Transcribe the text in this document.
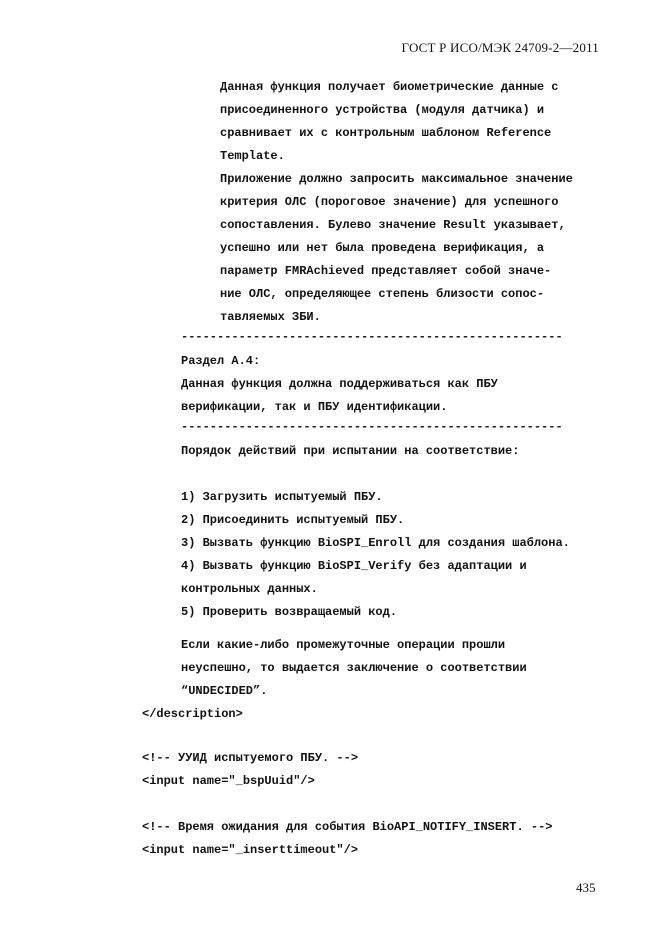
ГОСТ Р ИСО/МЭК 24709-2—2011
Данная функция получает биометрические данные с
присоединенного устройства (модуля датчика) и
сравнивает их с контрольным шаблоном Reference
Template.
Приложение должно запросить максимальное значение
критерия ОЛС (пороговое значение) для успешного
сопоставления. Булево значение Result указывает,
успешно или нет была проведена верификация, а
параметр FMRAchieved представляет собой значе-
ние ОЛС, определяющее степень близости сопос-
тавляемых ЗБИ.
-----------------------------------------------------
Раздел А.4:
Данная функция должна поддерживаться как ПБУ
верификации, так и ПБУ идентификации.
-----------------------------------------------------
Порядок действий при испытании на соответствие:
1) Загрузить испытуемый ПБУ.
2) Присоединить испытуемый ПБУ.
3) Вызвать функцию BioSPI_Enroll для создания шаблона.
4) Вызвать функцию BioSPI_Verify без адаптации и
контрольных данных.
5) Проверить возвращаемый код.
Если какие-либо промежуточные операции прошли
неуспешно, то выдается заключение о соответствии
“UNDECIDED”.
</description>
<!-- УУИД испытуемого ПБУ. -->
<input name="_bspUuid"/>
<!-- Время ожидания для события BioAPI_NOTIFY_INSERT. -->
<input name="_inserttimeout"/>
435
